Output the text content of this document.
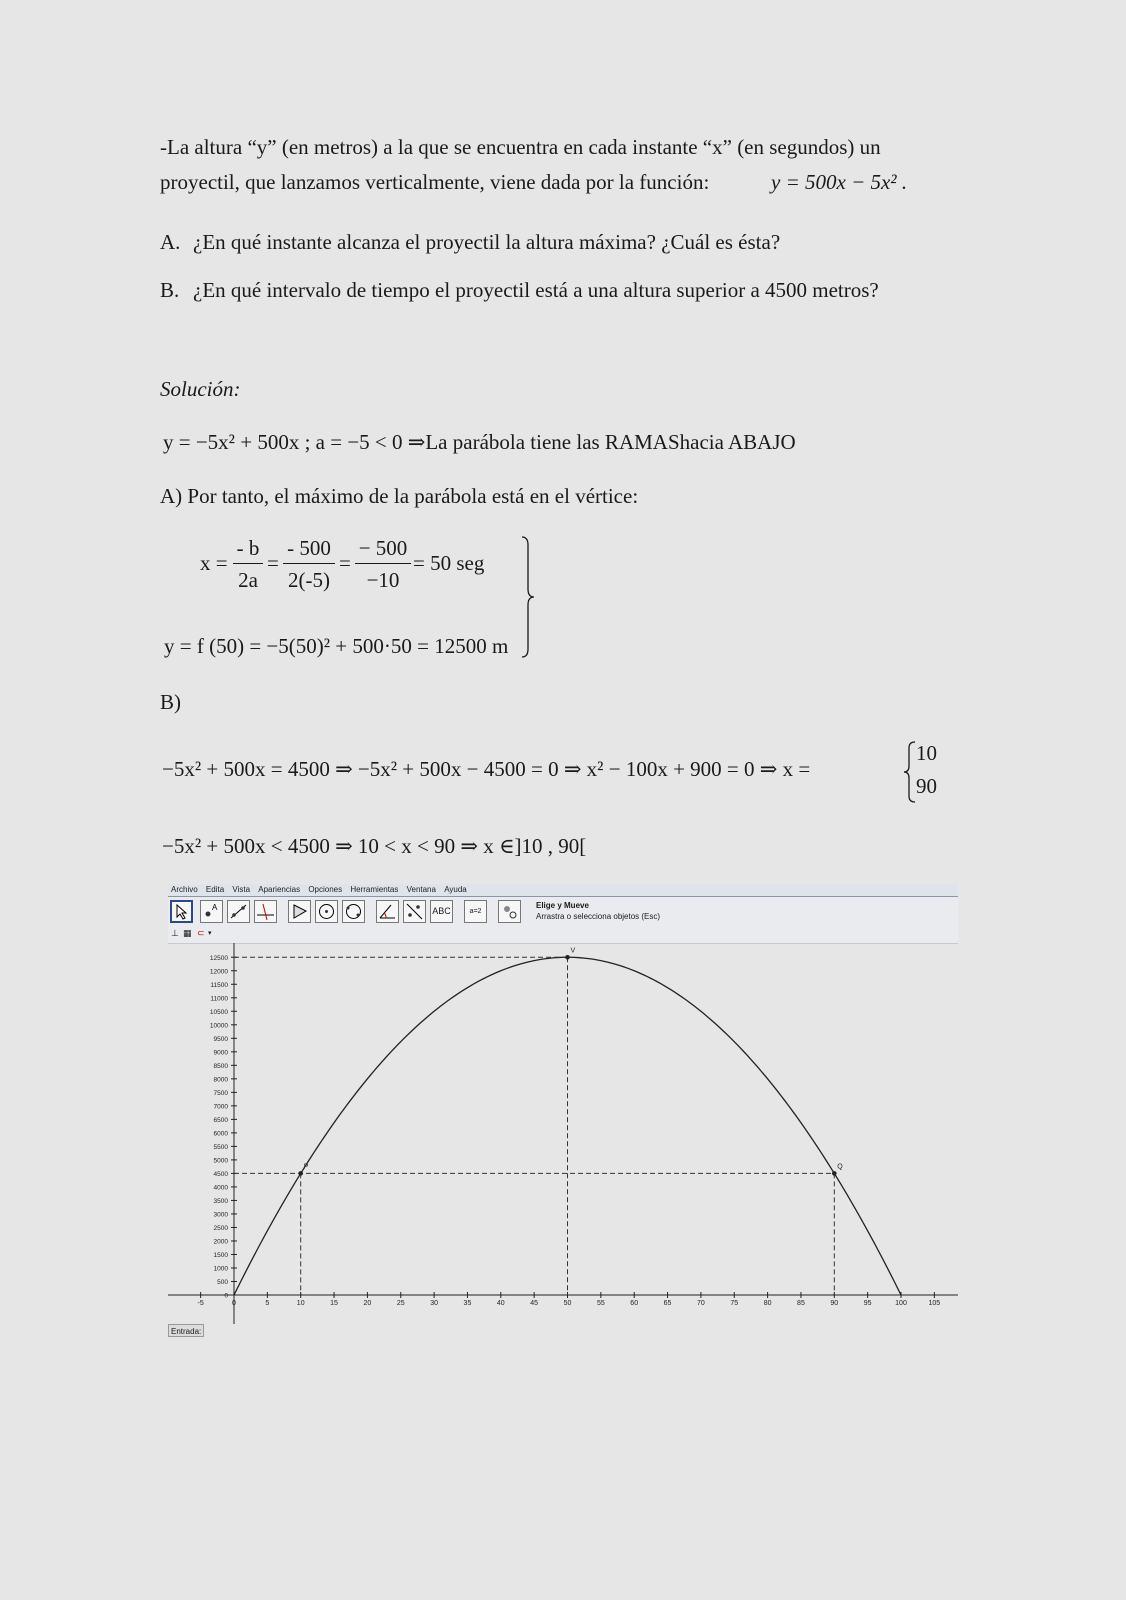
-La altura “y” (en metros) a la que se encuentra en cada instante “x” (en segundos) un
proyectil, que lanzamos verticalmente, viene dada por la función:	y = 500x − 5x² .
A. ¿En qué instante alcanza el proyectil la altura máxima? ¿Cuál es ésta?
B. ¿En qué intervalo de tiempo el proyectil está a una altura superior a 4500 metros?
Solución:
y = −5x² + 500x ; a = −5 < 0 ⇒La parábola tiene las RAMAShacia ABAJO
A) Por tanto, el máximo de la parábola está en el vértice:
$x = \frac{- b}{2a} = \frac{- 500}{2(-5)} = \frac{- 500}{-10} = 50$ seg
y = f (50) = −5(50)² + 500·50 = 12500 m
B)
−5x² + 500x = 4500 ⇒ −5x² + 500x − 4500 = 0 ⇒ x² − 100x + 900 = 0 ⇒ x =
10
90
−5x² + 500x < 4500 ⇒ 10 < x < 90 ⇒ x ∈]10 , 90[
Archivo Edita Vista Apariencias Opciones Herramientas Ventana Ayuda
A	ABC	a=2
Elige y Mueve
Arrastra o selecciona objetos (Esc)
⊥ ▦ ⊂ ▾
-5	0	5	10	15	20	25	30	35	40	45	50	55	60	65	70	75	80	85	90	95	100	105
0
500
1000
1500
2000
2500
3000
3500
4000
4500
5000
5500
6000
6500
7000
7500
8000
8500
9000
9500
10000
10500
11000
11500
12000
12500
V
P	Q
Entrada:
